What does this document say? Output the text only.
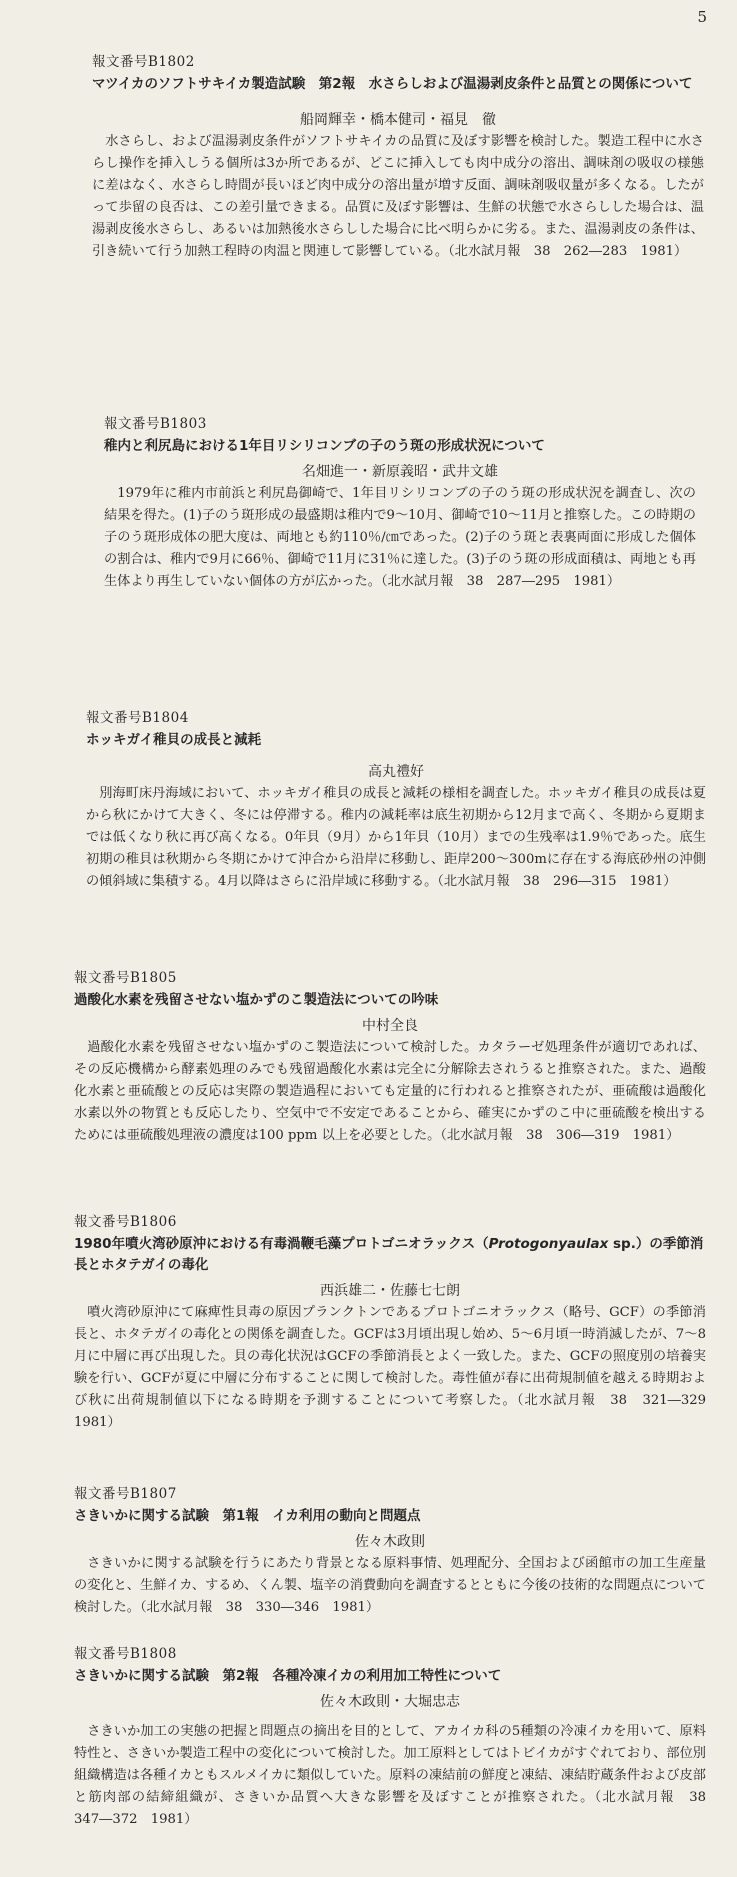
5
報文番号B1802
マツイカのソフトサキイカ製造試験　第2報　水さらしおよび温湯剥皮条件と品質との関係について
船岡輝幸・橋本健司・福見　徹

水さらし、および温湯剥皮条件がソフトサキイカの品質に及ぼす影響を検討した。製造工程中に水さらし操作を挿入しうる個所は3か所であるが、どこに挿入しても肉中成分の溶出、調味剤の吸収の様態に差はなく、水さらし時間が長いほど肉中成分の溶出量が増す反面、調味剤吸収量が多くなる。したがって歩留の良否は、この差引量できまる。品質に及ぼす影響は、生鮮の状態で水さらしした場合は、温湯剥皮後水さらし、あるいは加熱後水さらしした場合に比べ明らかに劣る。また、温湯剥皮の条件は、引き続いて行う加熱工程時の肉温と関連して影響している。（北水試月報　38　262―283　1981）

報文番号B1803
稚内と利尻島における1年目リシリコンブの子のう斑の形成状況について
名畑進一・新原義昭・武井文雄

1979年に稚内市前浜と利尻島御崎で、1年目リシリコンブの子のう斑の形成状況を調査し、次の結果を得た。(1)子のう斑形成の最盛期は稚内で9～10月、御崎で10～11月と推察した。この時期の子のう斑形成体の肥大度は、両地とも約110％/㎝であった。(2)子のう斑と表裏両面に形成した個体の割合は、稚内で9月に66％、御崎で11月に31％に達した。(3)子のう斑の形成面積は、両地とも再生体より再生していない個体の方が広かった。（北水試月報　38　287―295　1981）

報文番号B1804
ホッキガイ稚貝の成長と減耗
高丸禮好

別海町床丹海域において、ホッキガイ稚貝の成長と減耗の様相を調査した。ホッキガイ稚貝の成長は夏から秋にかけて大きく、冬には停滞する。稚内の減耗率は底生初期から12月まで高く、冬期から夏期までは低くなり秋に再び高くなる。0年貝（9月）から1年貝（10月）までの生残率は1.9％であった。底生初期の稚貝は秋期から冬期にかけて沖合から沿岸に移動し、距岸200～300mに存在する海底砂州の沖側の傾斜域に集積する。4月以降はさらに沿岸域に移動する。（北水試月報　38　296―315　1981）

報文番号B1805
過酸化水素を残留させない塩かずのこ製造法についての吟味
中村全良

過酸化水素を残留させない塩かずのこ製造法について検討した。カタラーゼ処理条件が適切であれば、その反応機構から酵素処理のみでも残留過酸化水素は完全に分解除去されうると推察された。また、過酸化水素と亜硫酸との反応は実際の製造過程においても定量的に行われると推察されたが、亜硫酸は過酸化水素以外の物質とも反応したり、空気中で不安定であることから、確実にかずのこ中に亜硫酸を検出するためには亜硫酸処理液の濃度は100 ppm 以上を必要とした。（北水試月報　38　306―319　1981）

報文番号B1806
1980年噴火湾砂原沖における有毒渦鞭毛藻プロトゴニオラックス（Protogonyaulax sp.）の季節消長とホタテガイの毒化
西浜雄二・佐藤七七朗

噴火湾砂原沖にて麻痺性貝毒の原因プランクトンであるプロトゴニオラックス（略号、GCF）の季節消長と、ホタテガイの毒化との関係を調査した。GCFは3月頃出現し始め、5～6月頃一時消滅したが、7～8月に中層に再び出現した。貝の毒化状況はGCFの季節消長とよく一致した。また、GCFの照度別の培養実験を行い、GCFが夏に中層に分布することに関して検討した。毒性値が春に出荷規制値を越える時期および秋に出荷規制値以下になる時期を予測することについて考察した。（北水試月報　38　321―329　1981）

報文番号B1807
さきいかに関する試験　第1報　イカ利用の動向と問題点
佐々木政則

さきいかに関する試験を行うにあたり背景となる原料事情、処理配分、全国および函館市の加工生産量の変化と、生鮮イカ、するめ、くん製、塩辛の消費動向を調査するとともに今後の技術的な問題点について検討した。（北水試月報　38　330―346　1981）

報文番号B1808
さきいかに関する試験　第2報　各種冷凍イカの利用加工特性について
佐々木政則・大堀忠志

さきいか加工の実態の把握と問題点の摘出を目的として、アカイカ科の5種類の冷凍イカを用いて、原料特性と、さきいか製造工程中の変化について検討した。加工原料としてはトビイカがすぐれており、部位別組織構造は各種イカともスルメイカに類似していた。原料の凍結前の鮮度と凍結、凍結貯蔵条件および皮部と筋肉部の結締組織が、さきいか品質へ大きな影響を及ぼすことが推察された。（北水試月報　38　347―372　1981）
